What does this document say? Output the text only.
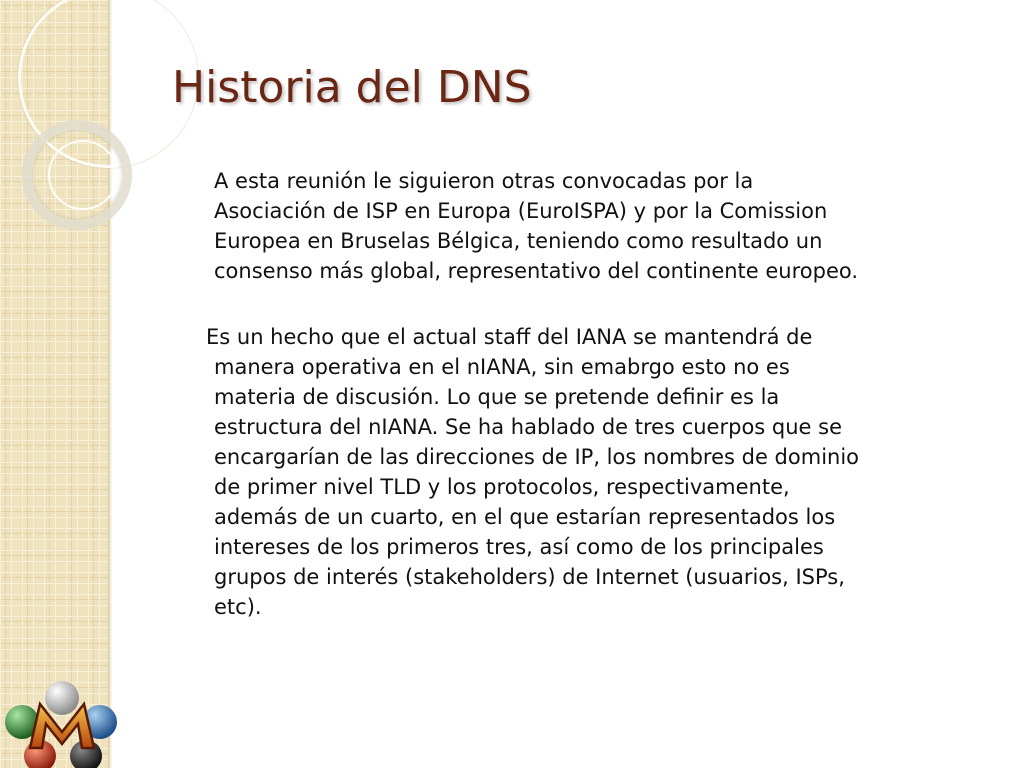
Historia del DNS

A esta reunión le siguieron otras convocadas por la
Asociación de ISP en Europa (EuroISPA) y por la Comission
Europea en Bruselas Bélgica, teniendo como resultado un
consenso más global, representativo del continente europeo.

Es un hecho que el actual staff del IANA se mantendrá de
manera operativa en el nIANA, sin emabrgo esto no es
materia de discusión. Lo que se pretende definir es la
estructura del nIANA. Se ha hablado de tres cuerpos que se
encargarían de las direcciones de IP, los nombres de dominio
de primer nivel TLD y los protocolos, respectivamente,
además de un cuarto, en el que estarían representados los
intereses de los primeros tres, así como de los principales
grupos de interés (stakeholders) de Internet (usuarios, ISPs,
etc).
